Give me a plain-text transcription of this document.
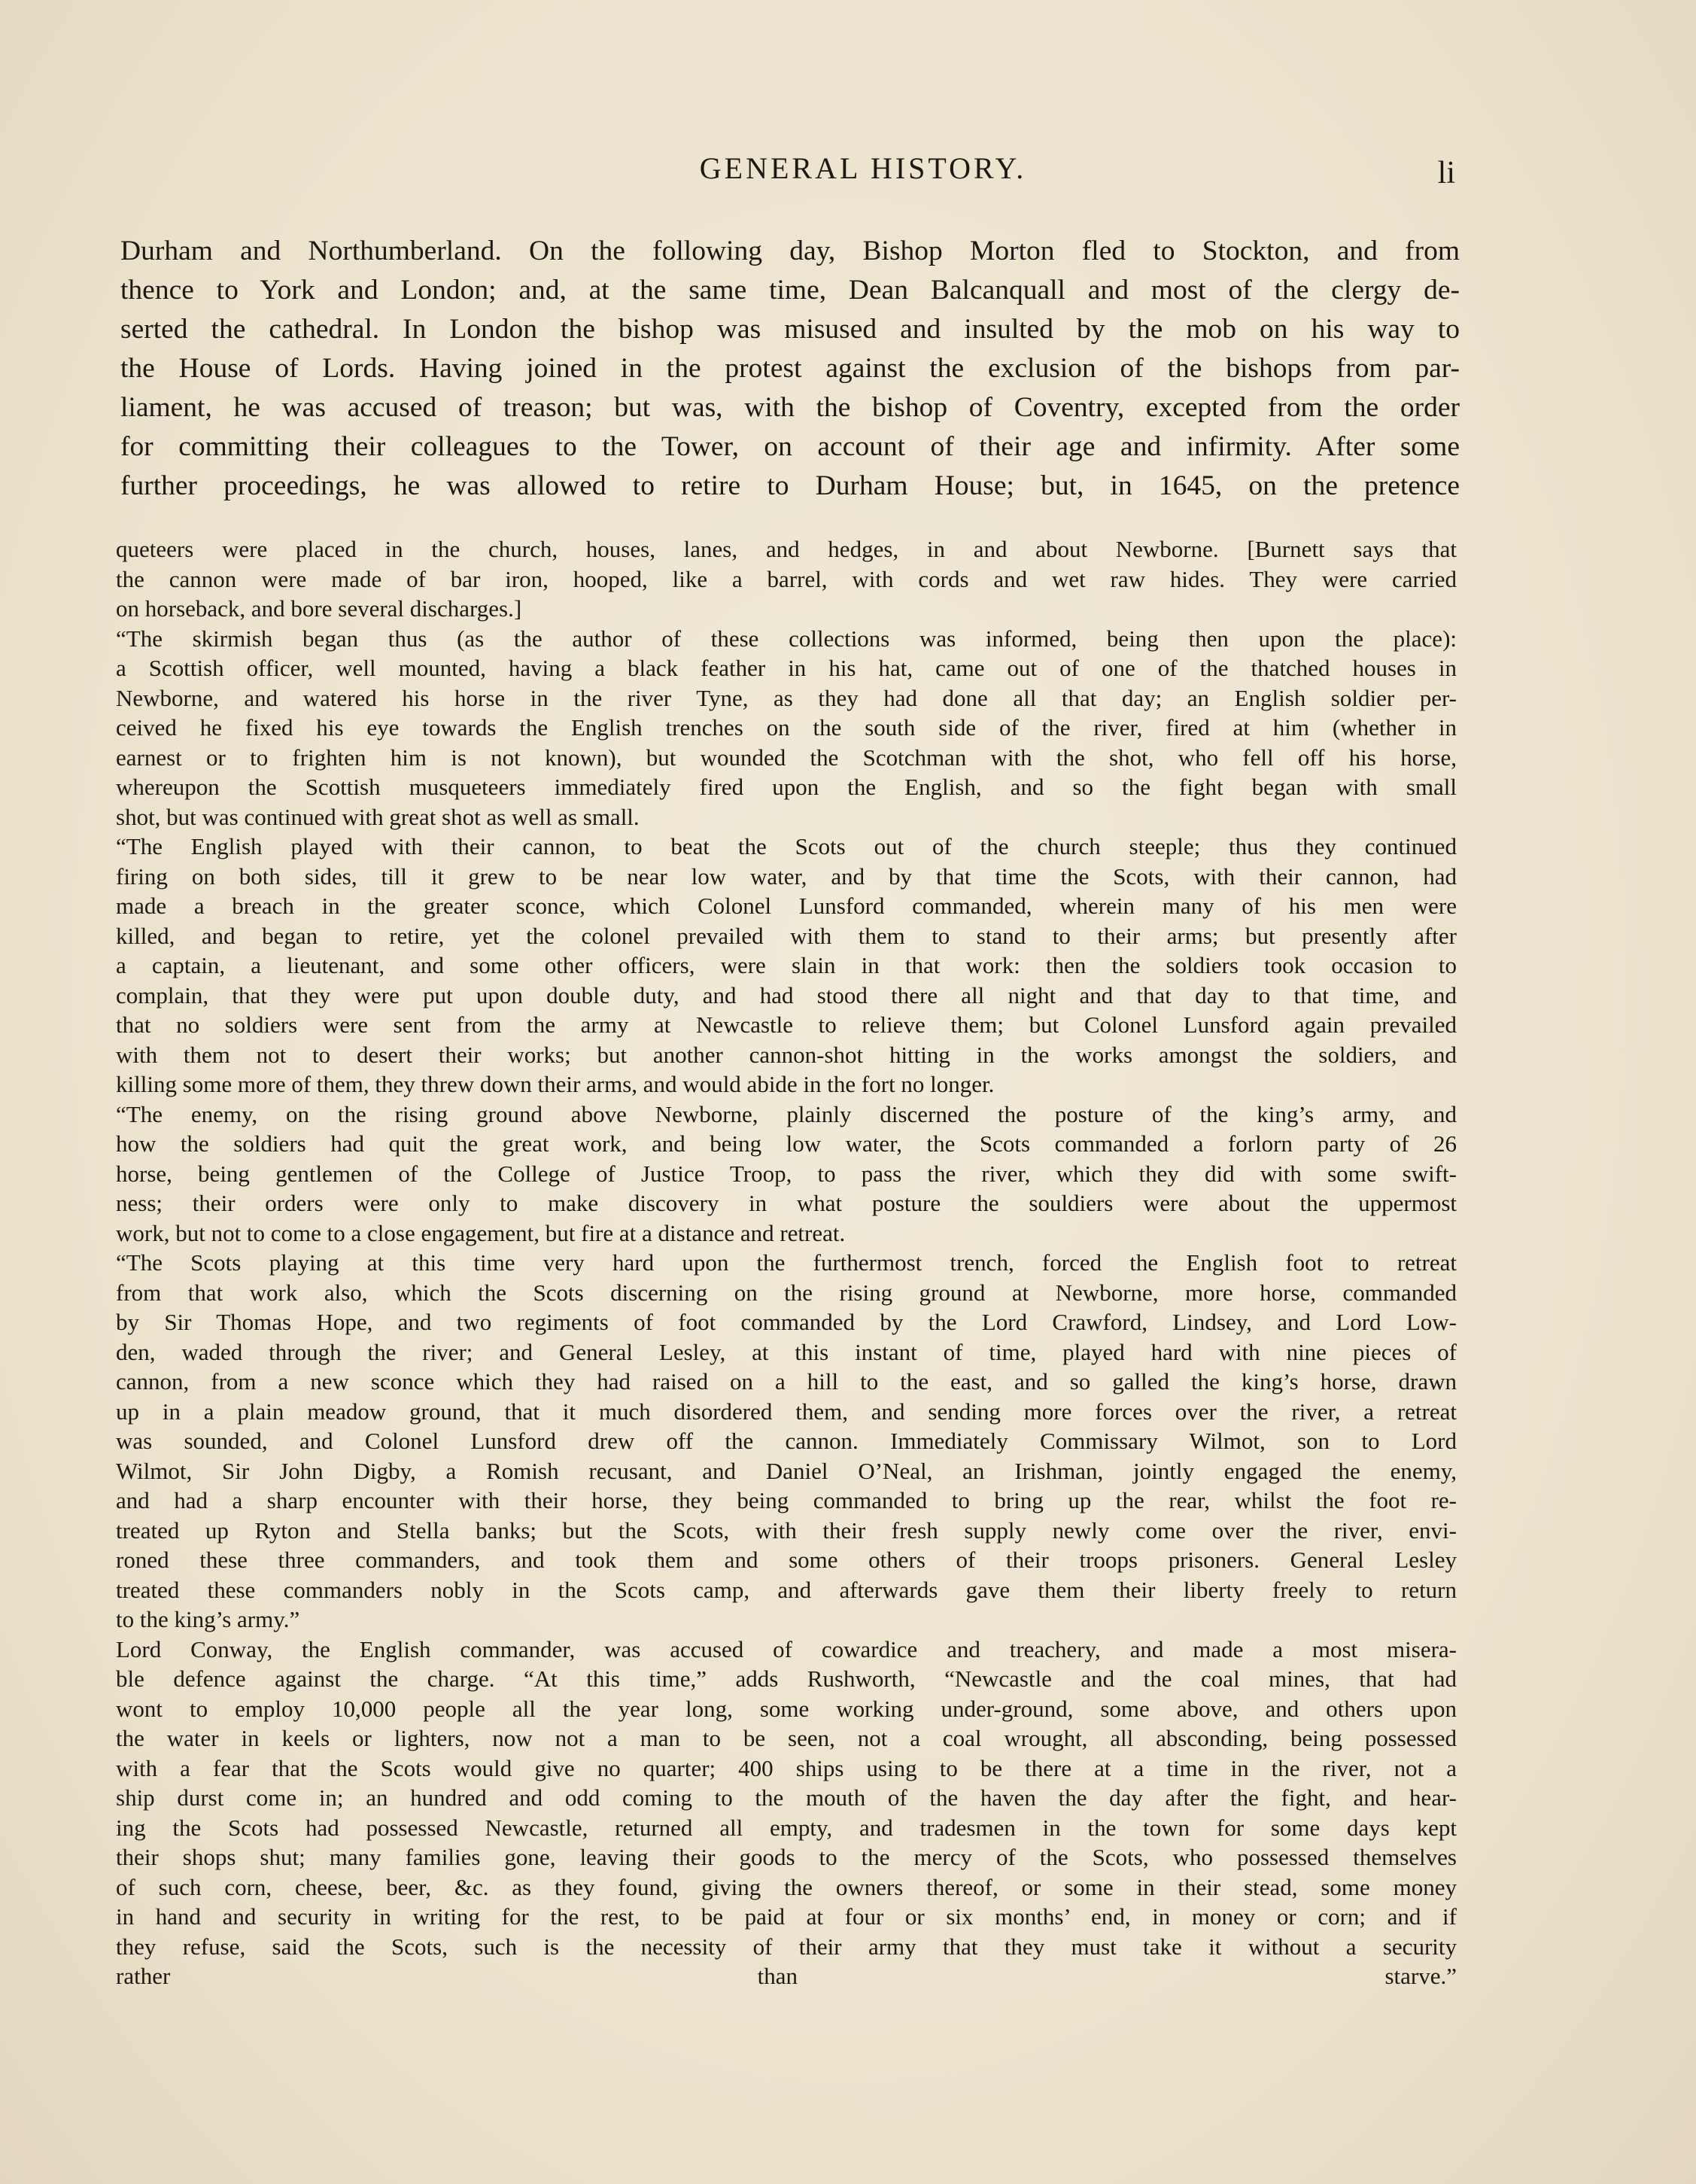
GENERAL HISTORY.	li
Durham and Northumberland. On the following day, Bishop Morton fled to Stockton, and from
thence to York and London; and, at the same time, Dean Balcanquall and most of the clergy de-
serted the cathedral. In London the bishop was misused and insulted by the mob on his way to
the House of Lords. Having joined in the protest against the exclusion of the bishops from par-
liament, he was accused of treason; but was, with the bishop of Coventry, excepted from the order
for committing their colleagues to the Tower, on account of their age and infirmity. After some
further proceedings, he was allowed to retire to Durham House; but, in 1645, on the pretence
queteers were placed in the church, houses, lanes, and hedges, in and about Newborne. [Burnett says that
the cannon were made of bar iron, hooped, like a barrel, with cords and wet raw hides. They were carried
on horseback, and bore several discharges.]
“The skirmish began thus (as the author of these collections was informed, being then upon the place):
a Scottish officer, well mounted, having a black feather in his hat, came out of one of the thatched houses in
Newborne, and watered his horse in the river Tyne, as they had done all that day; an English soldier per-
ceived he fixed his eye towards the English trenches on the south side of the river, fired at him (whether in
earnest or to frighten him is not known), but wounded the Scotchman with the shot, who fell off his horse,
whereupon the Scottish musqueteers immediately fired upon the English, and so the fight began with small
shot, but was continued with great shot as well as small.
“The English played with their cannon, to beat the Scots out of the church steeple; thus they continued
firing on both sides, till it grew to be near low water, and by that time the Scots, with their cannon, had
made a breach in the greater sconce, which Colonel Lunsford commanded, wherein many of his men were
killed, and began to retire, yet the colonel prevailed with them to stand to their arms; but presently after
a captain, a lieutenant, and some other officers, were slain in that work: then the soldiers took occasion to
complain, that they were put upon double duty, and had stood there all night and that day to that time, and
that no soldiers were sent from the army at Newcastle to relieve them; but Colonel Lunsford again prevailed
with them not to desert their works; but another cannon-shot hitting in the works amongst the soldiers, and
killing some more of them, they threw down their arms, and would abide in the fort no longer.
“The enemy, on the rising ground above Newborne, plainly discerned the posture of the king’s army, and
how the soldiers had quit the great work, and being low water, the Scots commanded a forlorn party of 26
horse, being gentlemen of the College of Justice Troop, to pass the river, which they did with some swift-
ness; their orders were only to make discovery in what posture the souldiers were about the uppermost
work, but not to come to a close engagement, but fire at a distance and retreat.
“The Scots playing at this time very hard upon the furthermost trench, forced the English foot to retreat
from that work also, which the Scots discerning on the rising ground at Newborne, more horse, commanded
by Sir Thomas Hope, and two regiments of foot commanded by the Lord Crawford, Lindsey, and Lord Low-
den, waded through the river; and General Lesley, at this instant of time, played hard with nine pieces of
cannon, from a new sconce which they had raised on a hill to the east, and so galled the king’s horse, drawn
up in a plain meadow ground, that it much disordered them, and sending more forces over the river, a retreat
was sounded, and Colonel Lunsford drew off the cannon. Immediately Commissary Wilmot, son to Lord
Wilmot, Sir John Digby, a Romish recusant, and Daniel O’Neal, an Irishman, jointly engaged the enemy,
and had a sharp encounter with their horse, they being commanded to bring up the rear, whilst the foot re-
treated up Ryton and Stella banks; but the Scots, with their fresh supply newly come over the river, envi-
roned these three commanders, and took them and some others of their troops prisoners. General Lesley
treated these commanders nobly in the Scots camp, and afterwards gave them their liberty freely to return
to the king’s army.”
Lord Conway, the English commander, was accused of cowardice and treachery, and made a most misera-
ble defence against the charge. “At this time,” adds Rushworth, “Newcastle and the coal mines, that had
wont to employ 10,000 people all the year long, some working under-ground, some above, and others upon
the water in keels or lighters, now not a man to be seen, not a coal wrought, all absconding, being possessed
with a fear that the Scots would give no quarter; 400 ships using to be there at a time in the river, not a
ship durst come in; an hundred and odd coming to the mouth of the haven the day after the fight, and hear-
ing the Scots had possessed Newcastle, returned all empty, and tradesmen in the town for some days kept
their shops shut; many families gone, leaving their goods to the mercy of the Scots, who possessed themselves
of such corn, cheese, beer, &c. as they found, giving the owners thereof, or some in their stead, some money
in hand and security in writing for the rest, to be paid at four or six months’ end, in money or corn; and if
they refuse, said the Scots, such is the necessity of their army that they must take it without a security
rather than starve.”
